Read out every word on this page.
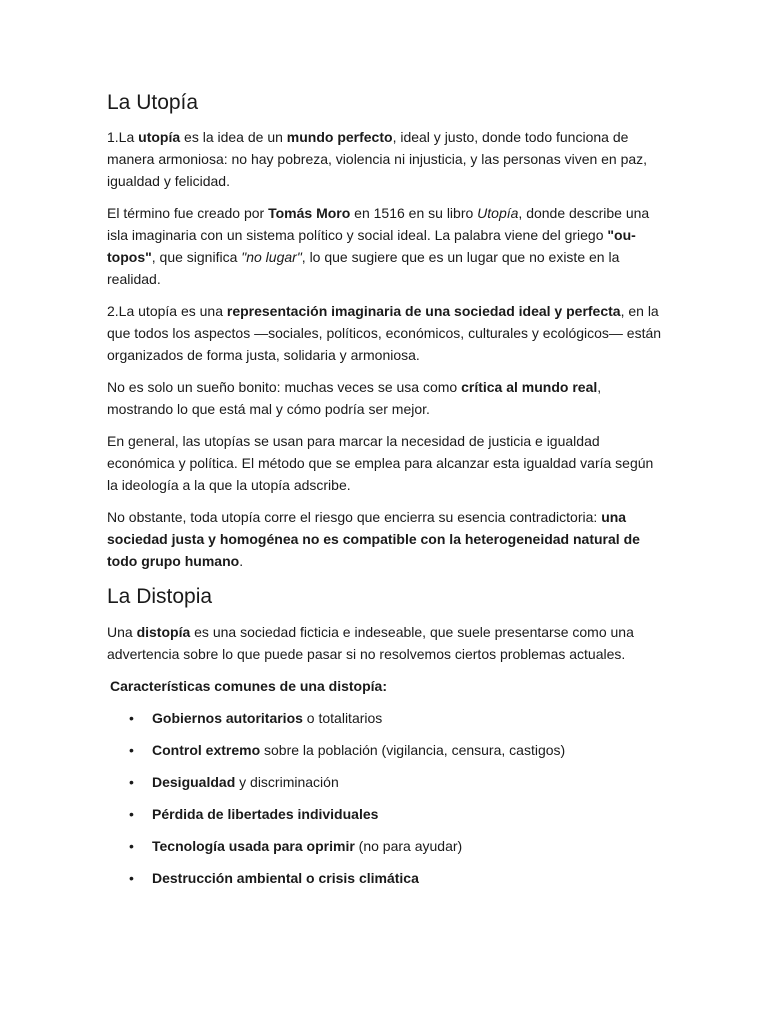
La Utopía

1.La utopía es la idea de un mundo perfecto, ideal y justo, donde todo funciona de manera armoniosa: no hay pobreza, violencia ni injusticia, y las personas viven en paz, igualdad y felicidad.

El término fue creado por Tomás Moro en 1516 en su libro Utopía, donde describe una isla imaginaria con un sistema político y social ideal. La palabra viene del griego "ou-topos", que significa "no lugar", lo que sugiere que es un lugar que no existe en la realidad.

2.La utopía es una representación imaginaria de una sociedad ideal y perfecta, en la que todos los aspectos —sociales, políticos, económicos, culturales y ecológicos— están organizados de forma justa, solidaria y armoniosa.

No es solo un sueño bonito: muchas veces se usa como crítica al mundo real, mostrando lo que está mal y cómo podría ser mejor.

En general, las utopías se usan para marcar la necesidad de justicia e igualdad económica y política. El método que se emplea para alcanzar esta igualdad varía según la ideología a la que la utopía adscribe.

No obstante, toda utopía corre el riesgo que encierra su esencia contradictoria: una sociedad justa y homogénea no es compatible con la heterogeneidad natural de todo grupo humano.

La Distopia

Una distopía es una sociedad ficticia e indeseable, que suele presentarse como una advertencia sobre lo que puede pasar si no resolvemos ciertos problemas actuales.

Características comunes de una distopía:

• Gobiernos autoritarios o totalitarios
• Control extremo sobre la población (vigilancia, censura, castigos)
• Desigualdad y discriminación
• Pérdida de libertades individuales
• Tecnología usada para oprimir (no para ayudar)
• Destrucción ambiental o crisis climática
